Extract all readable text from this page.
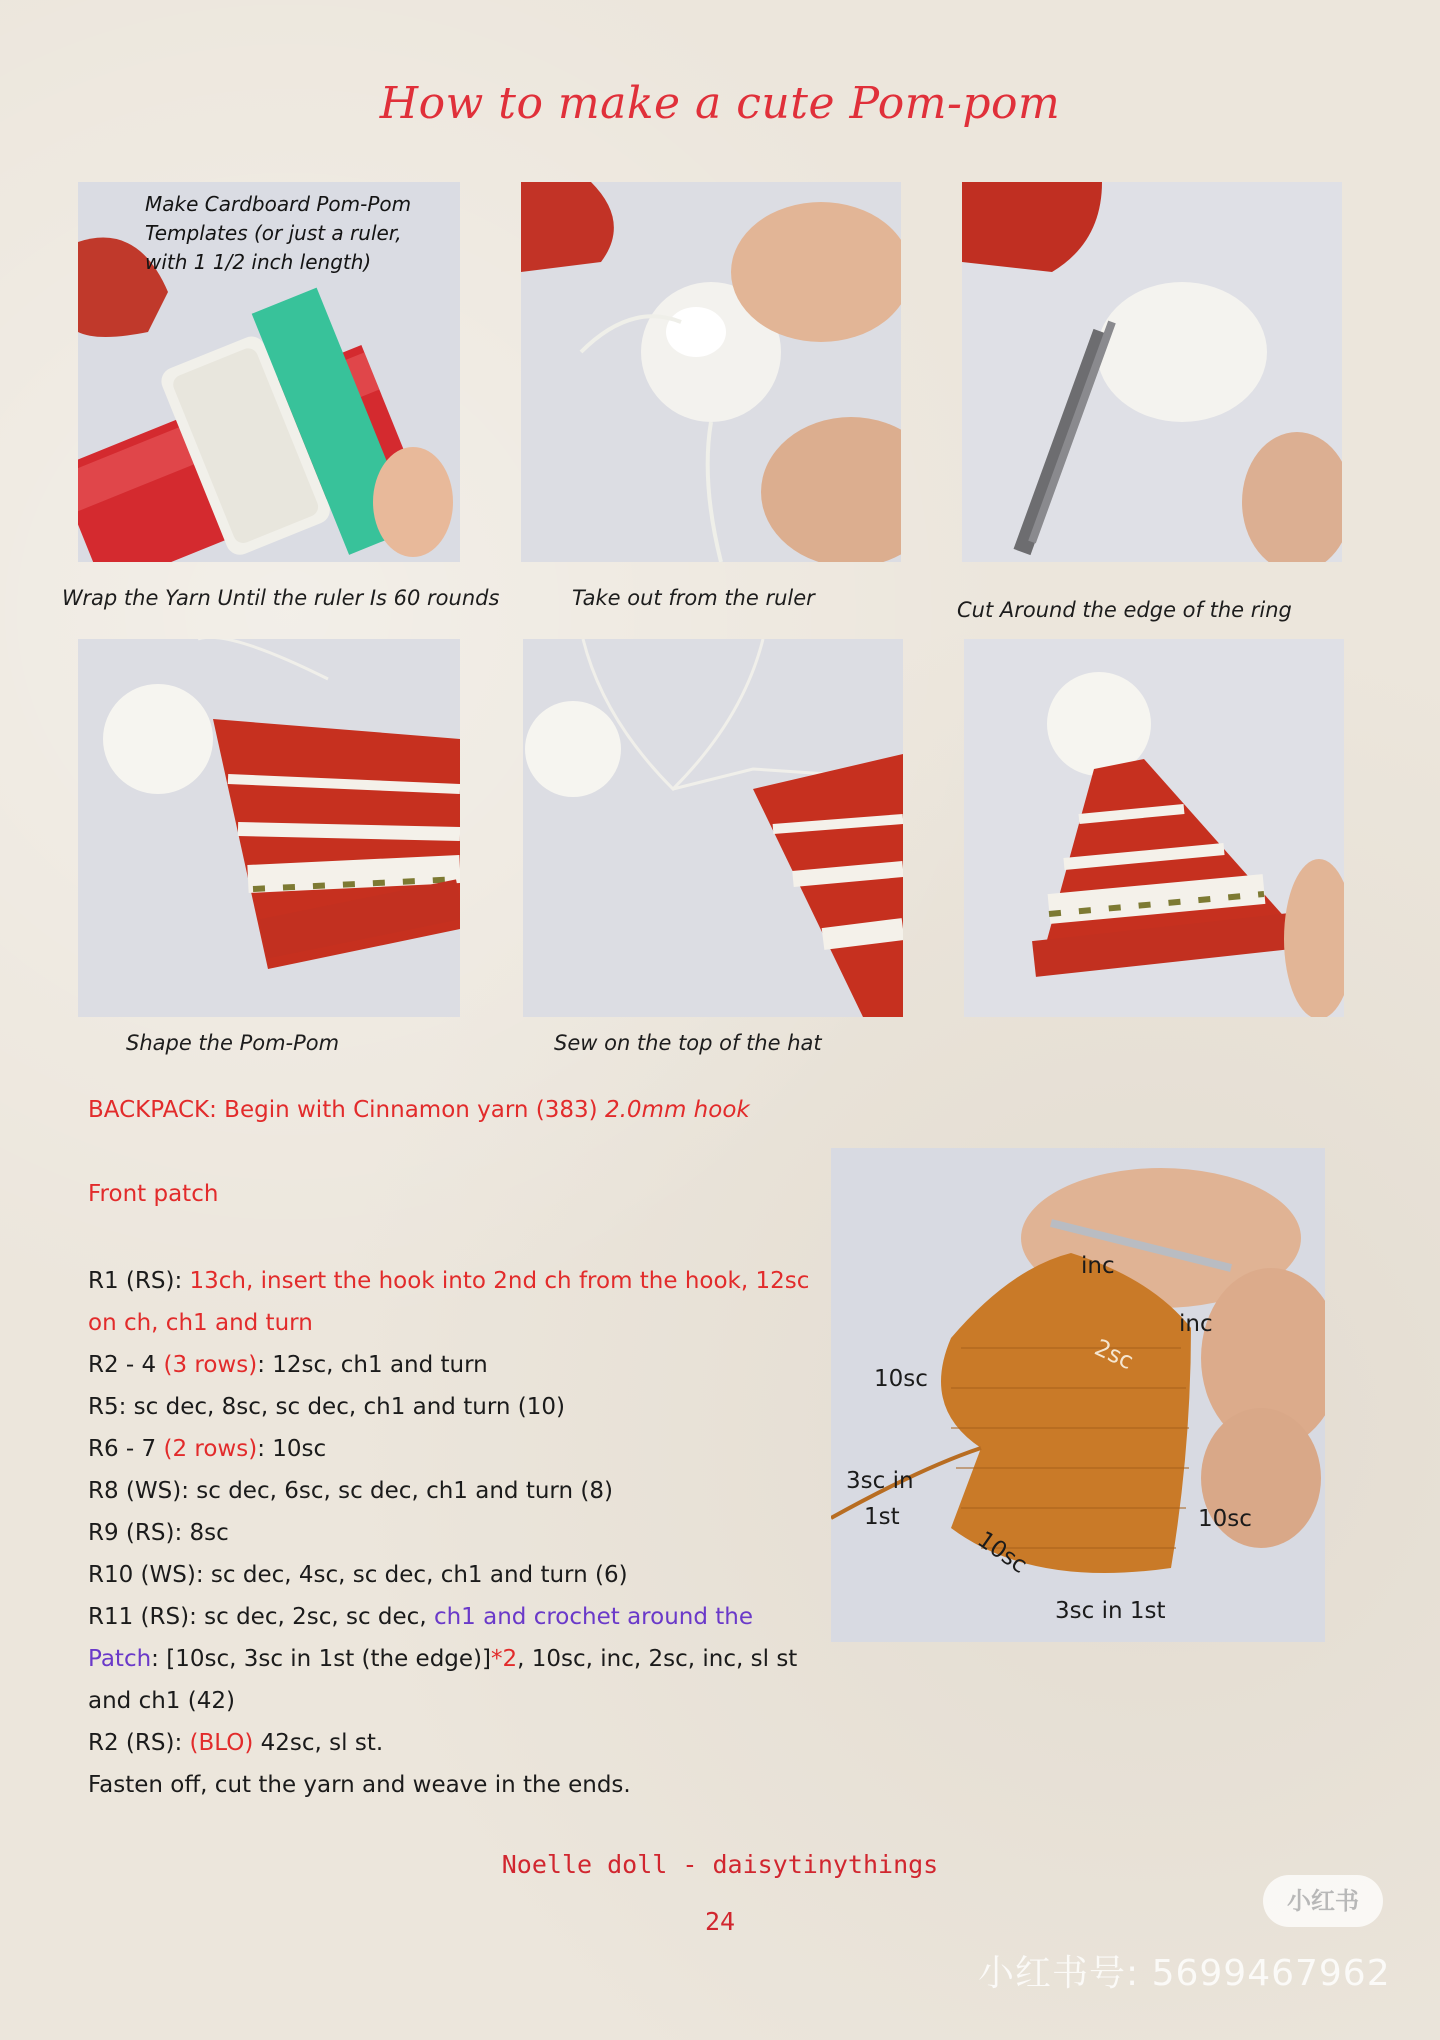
How to make a cute Pom-pom
Make Cardboard Pom-Pom
Templates (or just a ruler,
with 1 1/2 inch length)
Wrap the Yarn Until the ruler Is 60 rounds	Take out from the ruler	Cut Around the edge of the ring
Shape the Pom-Pom	Sew on the top of the hat
BACKPACK: Begin with Cinnamon yarn (383) 2.0mm hook
Front patch
R1 (RS): 13ch, insert the hook into 2nd ch from the hook, 12sc
on ch, ch1 and turn
R2 - 4 (3 rows): 12sc, ch1 and turn
R5: sc dec, 8sc, sc dec, ch1 and turn (10)
R6 - 7 (2 rows): 10sc
R8 (WS): sc dec, 6sc, sc dec, ch1 and turn (8)
R9 (RS): 8sc
R10 (WS): sc dec, 4sc, sc dec, ch1 and turn (6)
R11 (RS): sc dec, 2sc, sc dec, ch1 and crochet around the
Patch: [10sc, 3sc in 1st (the edge)]*2, 10sc, inc, 2sc, inc, sl st
and ch1 (42)
R2 (RS): (BLO) 42sc, sl st.
Fasten off, cut the yarn and weave in the ends.
inc
inc
2sc
10sc
3sc in
1st	10sc
10sc
3sc in 1st
Noelle doll - daisytinythings
24
小红书
小红书号: 5699467962
